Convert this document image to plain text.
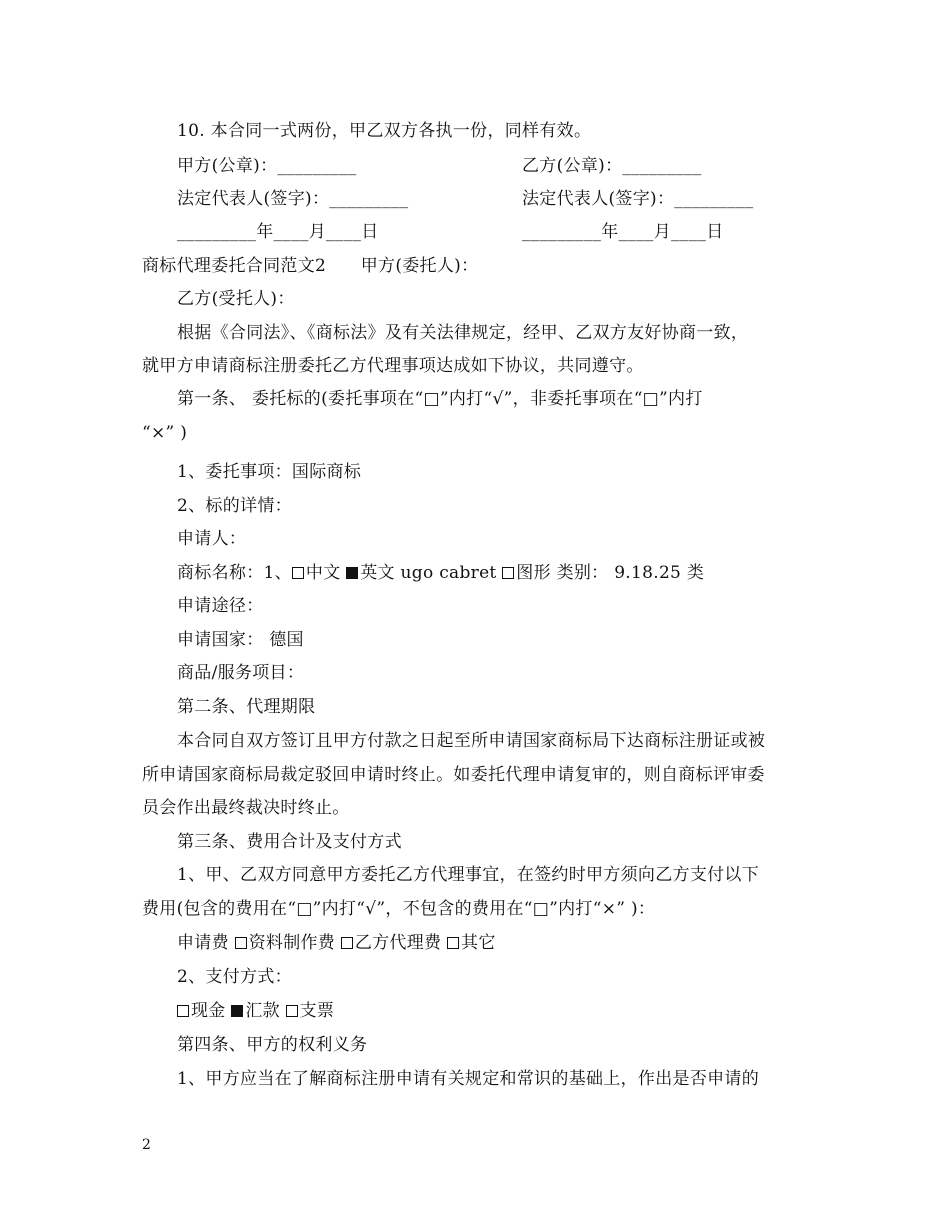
10. 本合同一式两份，甲乙双方各执一份，同样有效。
甲方(公章)：_________	乙方(公章)：_________
法定代表人(签字)：_________	法定代表人(签字)：_________
_________年____月____日	_________年____月____日
商标代理委托合同范文2　　甲方(委托人)：
乙方(受托人)：
根据《合同法》、《商标法》及有关法律规定，经甲、乙双方友好协商一致，
就甲方申请商标注册委托乙方代理事项达成如下协议，共同遵守。
“×” )
第一条、 委托标的(委托事项在“□”内打“√”，非委托事项在“□”内打
1、委托事项：国际商标
2、标的详情：
申请人：
商标名称：1、 中文 英文 ugo cabret 图形 类别： 9.18.25 类
申请途径：
申请国家： 德国
商品/服务项目：
第二条、代理期限
本合同自双方签订且甲方付款之日起至所申请国家商标局下达商标注册证或被
所申请国家商标局裁定驳回申请时终止。如委托代理申请复审的，则自商标评审委
员会作出最终裁决时终止。
第三条、费用合计及支付方式
1、甲、乙双方同意甲方委托乙方代理事宜，在签约时甲方须向乙方支付以下
费用(包含的费用在“□”内打“√”，不包含的费用在“□”内打“×” )：
申请费 资料制作费 乙方代理费 其它
2、支付方式：
现金 汇款 支票
第四条、甲方的权利义务
1、甲方应当在了解商标注册申请有关规定和常识的基础上，作出是否申请的
2
